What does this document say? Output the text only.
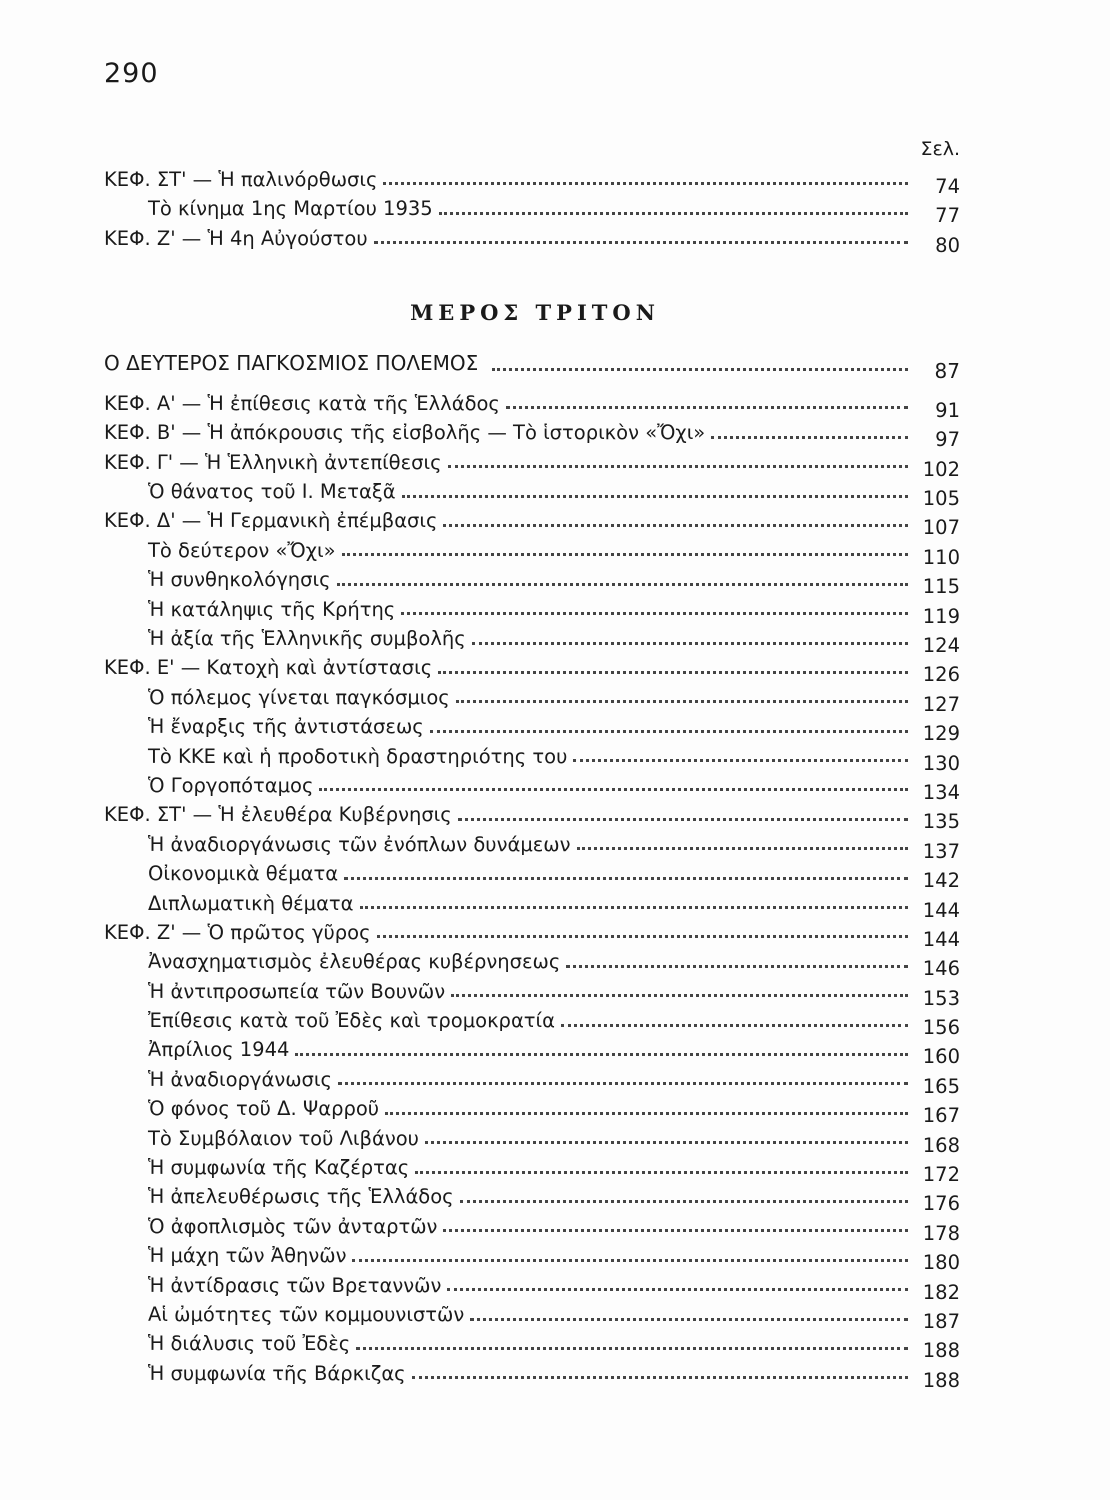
290
Σελ.
ΚΕΦ. ΣΤ' — Ἡ παλινόρθωσις	74
Τὸ κίνημα 1ης Μαρτίου 1935	77
ΚΕΦ. Ζ' — Ἡ 4η Αὐγούστου	80
ΜΕΡΟΣ ΤΡΙΤΟΝ
Ο ΔΕΥΤΕΡΟΣ ΠΑΓΚΟΣΜΙΟΣ ΠΟΛΕΜΟΣ	87
ΚΕΦ. Α' — Ἡ ἐπίθεσις κατὰ τῆς Ἑλλάδος	91
ΚΕΦ. Β' — Ἡ ἀπόκρουσις τῆς εἰσβολῆς — Τὸ ἱστορικὸν «Ὄχι»	97
ΚΕΦ. Γ' — Ἡ Ἑλληνικὴ ἀντεπίθεσις	102
Ὁ θάνατος τοῦ Ι. Μεταξᾶ	105
ΚΕΦ. Δ' — Ἡ Γερμανικὴ ἐπέμβασις	107
Τὸ δεύτερον «Ὄχι»	110
Ἡ συνθηκολόγησις	115
Ἡ κατάληψις τῆς Κρήτης	119
Ἡ ἀξία τῆς Ἑλληνικῆς συμβολῆς	124
ΚΕΦ. Ε' — Κατοχὴ καὶ ἀντίστασις	126
Ὁ πόλεμος γίνεται παγκόσμιος	127
Ἡ ἔναρξις τῆς ἀντιστάσεως	129
Τὸ ΚΚΕ καὶ ἡ προδοτικὴ δραστηριότης του	130
Ὁ Γοργοπόταμος	134
ΚΕΦ. ΣΤ' — Ἡ ἐλευθέρα Κυβέρνησις	135
Ἡ ἀναδιοργάνωσις τῶν ἐνόπλων δυνάμεων	137
Οἰκονομικὰ θέματα	142
Διπλωματικὴ θέματα	144
ΚΕΦ. Ζ' — Ὁ πρῶτος γῦρος	144
Ἀνασχηματισμὸς ἐλευθέρας κυβέρνησεως	146
Ἡ ἀντιπροσωπεία τῶν Βουνῶν	153
Ἐπίθεσις κατὰ τοῦ Ἐδὲς καὶ τρομοκρατία	156
Ἀπρίλιος 1944	160
Ἡ ἀναδιοργάνωσις	165
Ὁ φόνος τοῦ Δ. Ψαρροῦ	167
Τὸ Συμβόλαιον τοῦ Λιβάνου	168
Ἡ συμφωνία τῆς Καζέρτας	172
Ἡ ἀπελευθέρωσις τῆς Ἑλλάδος	176
Ὁ ἀφοπλισμὸς τῶν ἀνταρτῶν	178
Ἡ μάχη τῶν Ἀθηνῶν	180
Ἡ ἀντίδρασις τῶν Βρεταννῶν	182
Αἱ ὠμότητες τῶν κομμουνιστῶν	187
Ἡ διάλυσις τοῦ Ἐδὲς	188
Ἡ συμφωνία τῆς Βάρκιζας	188
